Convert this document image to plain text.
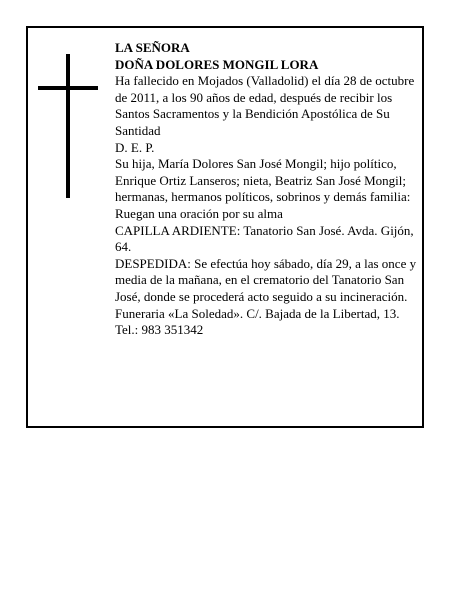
LA SEÑORA

DOÑA DOLORES MONGIL LORA

Ha fallecido en Mojados (Valladolid) el día 28 de octubre de 2011, a los 90 años de edad, después de recibir los Santos Sacramentos y la Bendición Apostólica de Su Santidad

D. E. P.

Su hija, María Dolores San José Mongil; hijo político, Enrique Ortiz Lanseros; nieta, Beatriz San José Mongil; hermanas, hermanos políticos, sobrinos y demás familia:

Ruegan una oración por su alma

CAPILLA ARDIENTE: Tanatorio San José. Avda. Gijón, 64.

DESPEDIDA: Se efectúa hoy sábado, día 29, a las once y media de la mañana, en el crematorio del Tanatorio San José, donde se procederá acto seguido a su incineración.

Funeraria «La Soledad». C/. Bajada de la Libertad, 13. Tel.: 983 351342
